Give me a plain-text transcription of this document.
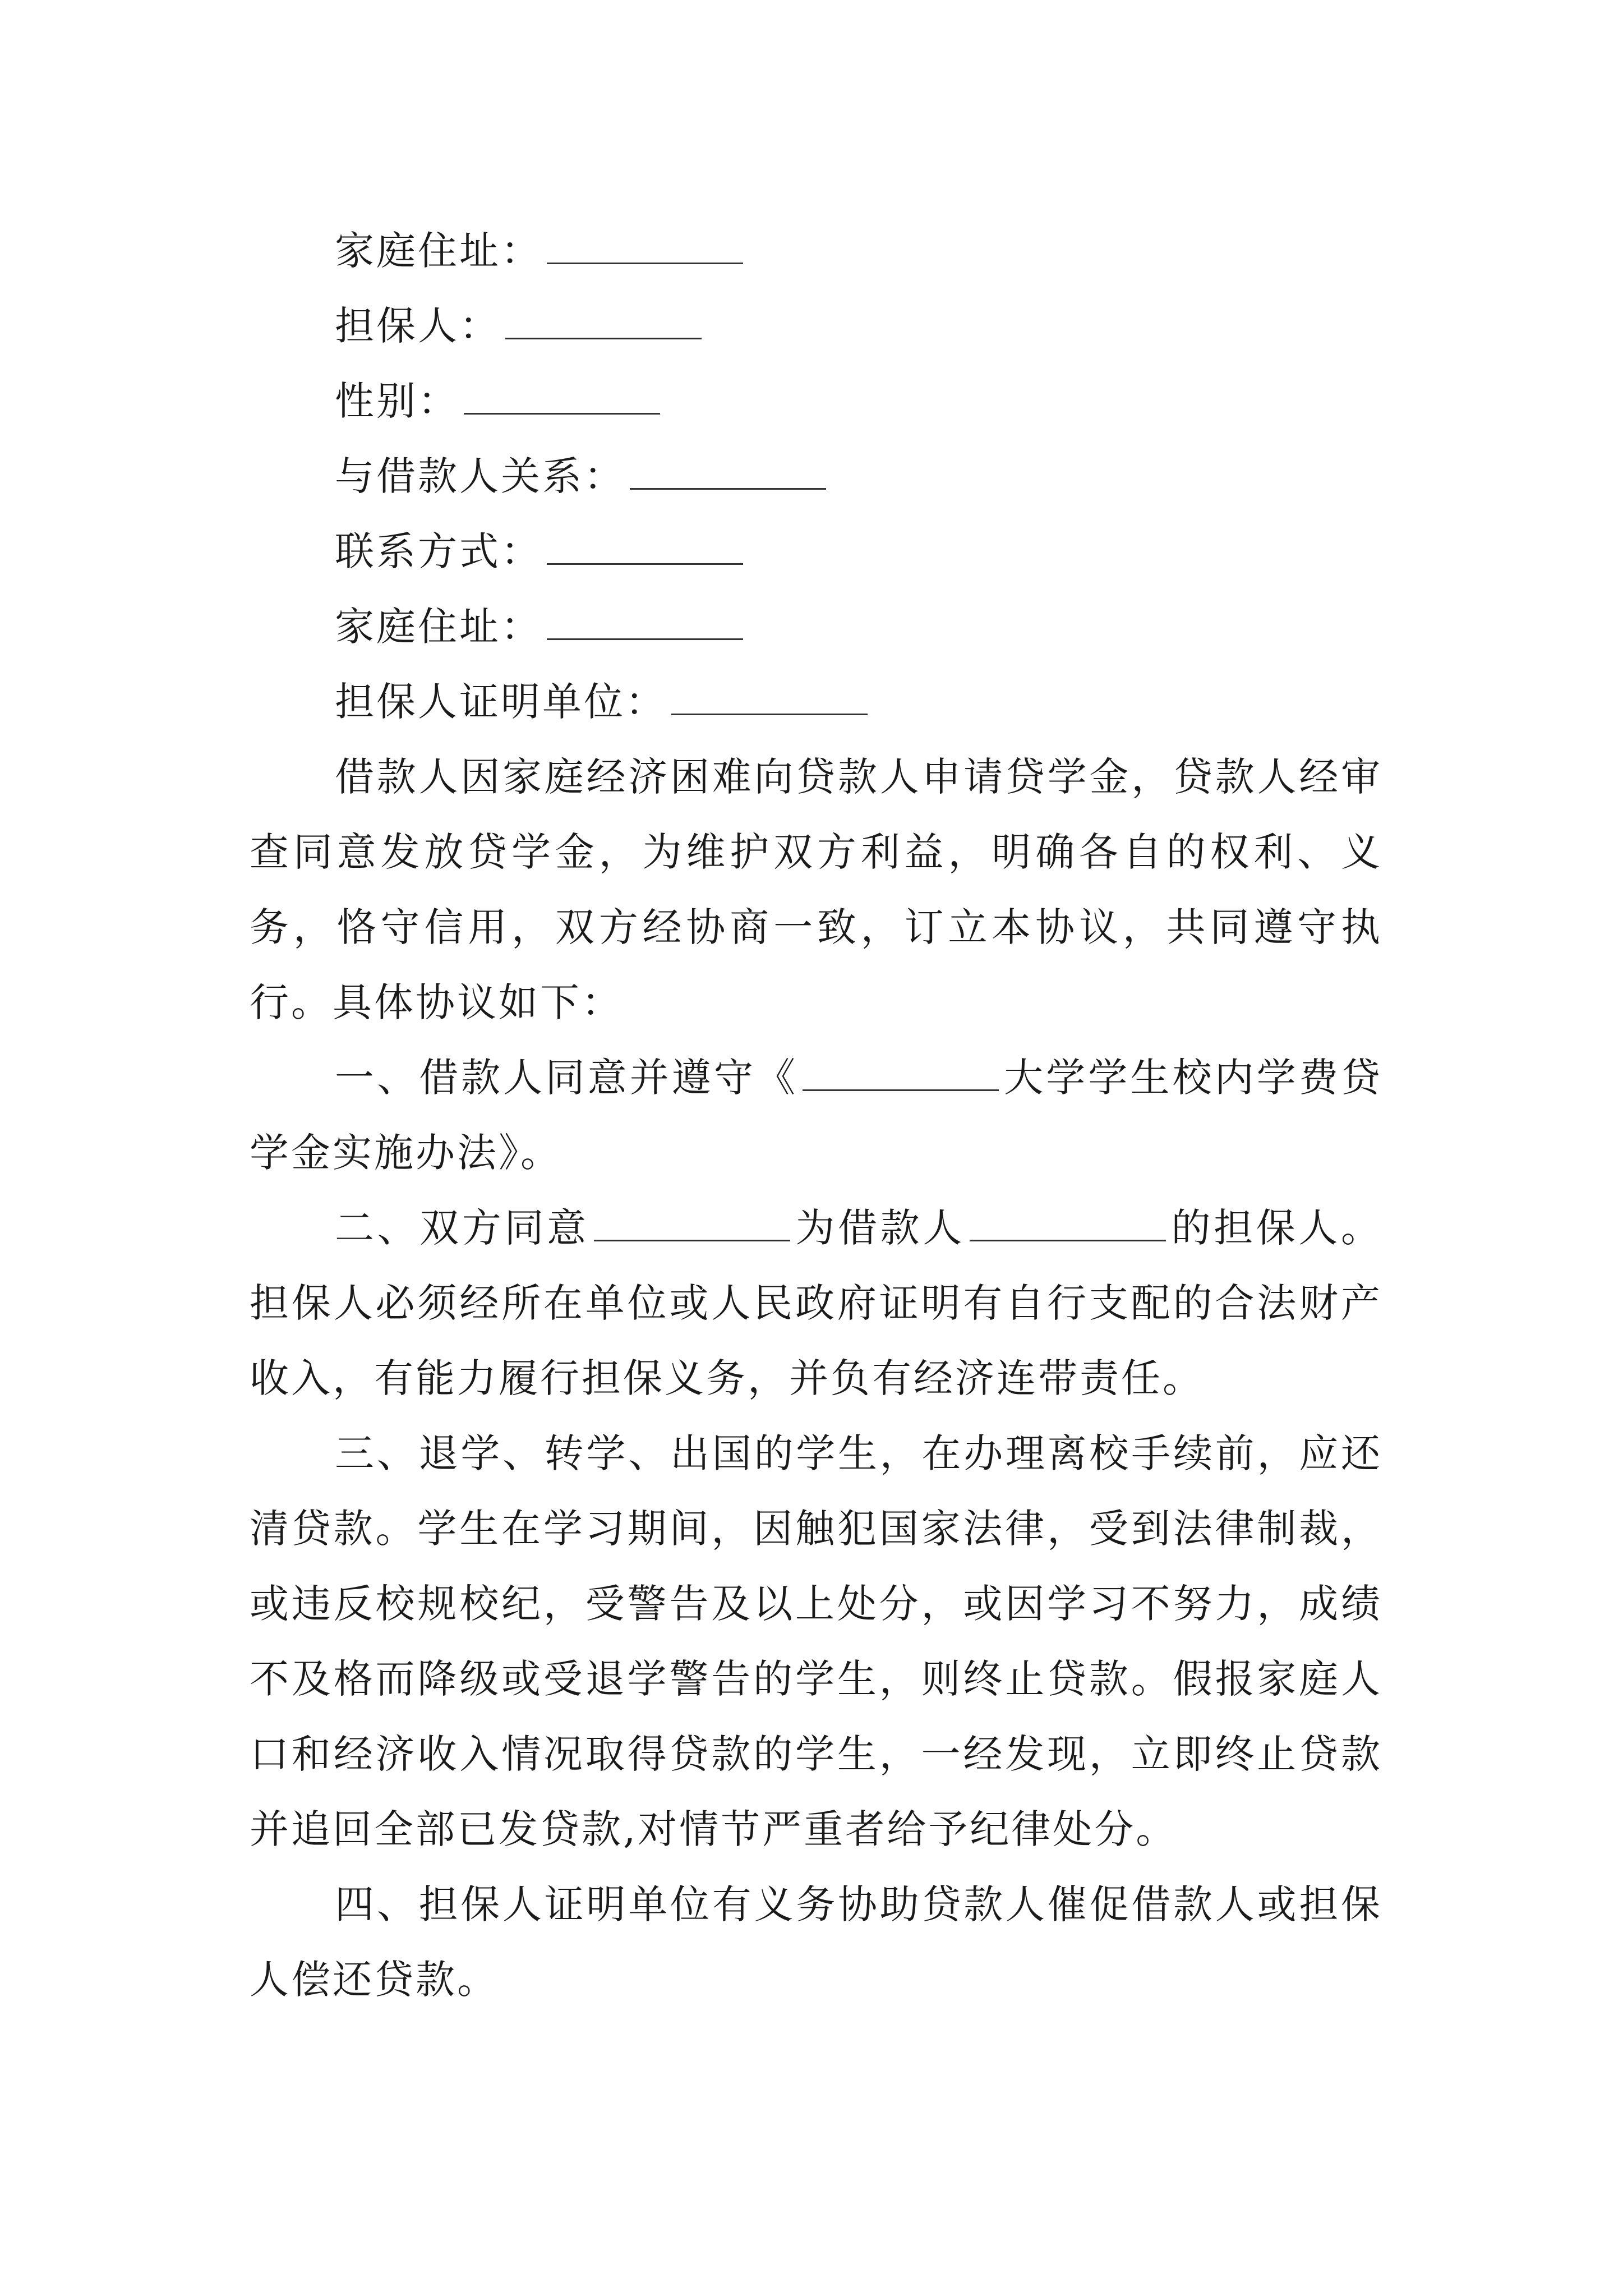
家庭住址：
担保人：
性别：
与借款人关系：
联系方式：
家庭住址：
担保人证明单位：

借款人因家庭经济困难向贷款人申请贷学金，贷款人经审查同意发放贷学金，为维护双方利益，明确各自的权利、义务，恪守信用，双方经协商一致，订立本协议，共同遵守执行。具体协议如下：

一、借款人同意并遵守《	大学学生校内学费贷学金实施办法》。

二、双方同意	为借款人	的担保人。担保人必须经所在单位或人民政府证明有自行支配的合法财产收入，有能力履行担保义务，并负有经济连带责任。

三、退学、转学、出国的学生，在办理离校手续前，应还清贷款。学生在学习期间，因触犯国家法律，受到法律制裁，或违反校规校纪，受警告及以上处分，或因学习不努力，成绩不及格而降级或受退学警告的学生，则终止贷款。假报家庭人口和经济收入情况取得贷款的学生，一经发现，立即终止贷款并追回全部已发贷款,对情节严重者给予纪律处分。

四、担保人证明单位有义务协助贷款人催促借款人或担保人偿还贷款。
